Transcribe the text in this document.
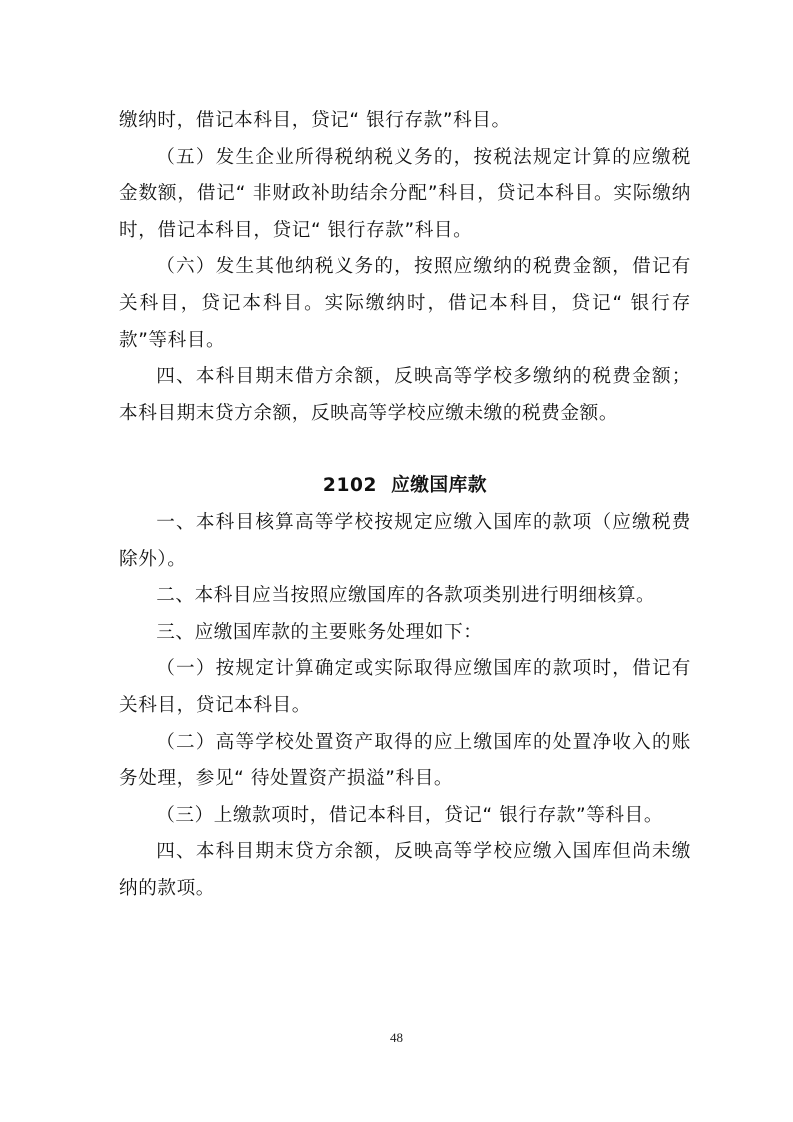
缴纳时，借记本科目，贷记“ 银行存款”科目。

（五）发生企业所得税纳税义务的，按税法规定计算的应缴税金数额，借记“ 非财政补助结余分配”科目，贷记本科目。实际缴纳时，借记本科目，贷记“ 银行存款”科目。

（六）发生其他纳税义务的，按照应缴纳的税费金额，借记有关科目，贷记本科目。实际缴纳时，借记本科目，贷记“ 银行存款”等科目。

四、本科目期末借方余额，反映高等学校多缴纳的税费金额；本科目期末贷方余额，反映高等学校应缴未缴的税费金额。

2102 应缴国库款

一、本科目核算高等学校按规定应缴入国库的款项（应缴税费除外）。

二、本科目应当按照应缴国库的各款项类别进行明细核算。

三、应缴国库款的主要账务处理如下：

（一）按规定计算确定或实际取得应缴国库的款项时，借记有关科目，贷记本科目。

（二）高等学校处置资产取得的应上缴国库的处置净收入的账务处理，参见“ 待处置资产损溢”科目。

（三）上缴款项时，借记本科目，贷记“ 银行存款”等科目。

四、本科目期末贷方余额，反映高等学校应缴入国库但尚未缴纳的款项。

48
